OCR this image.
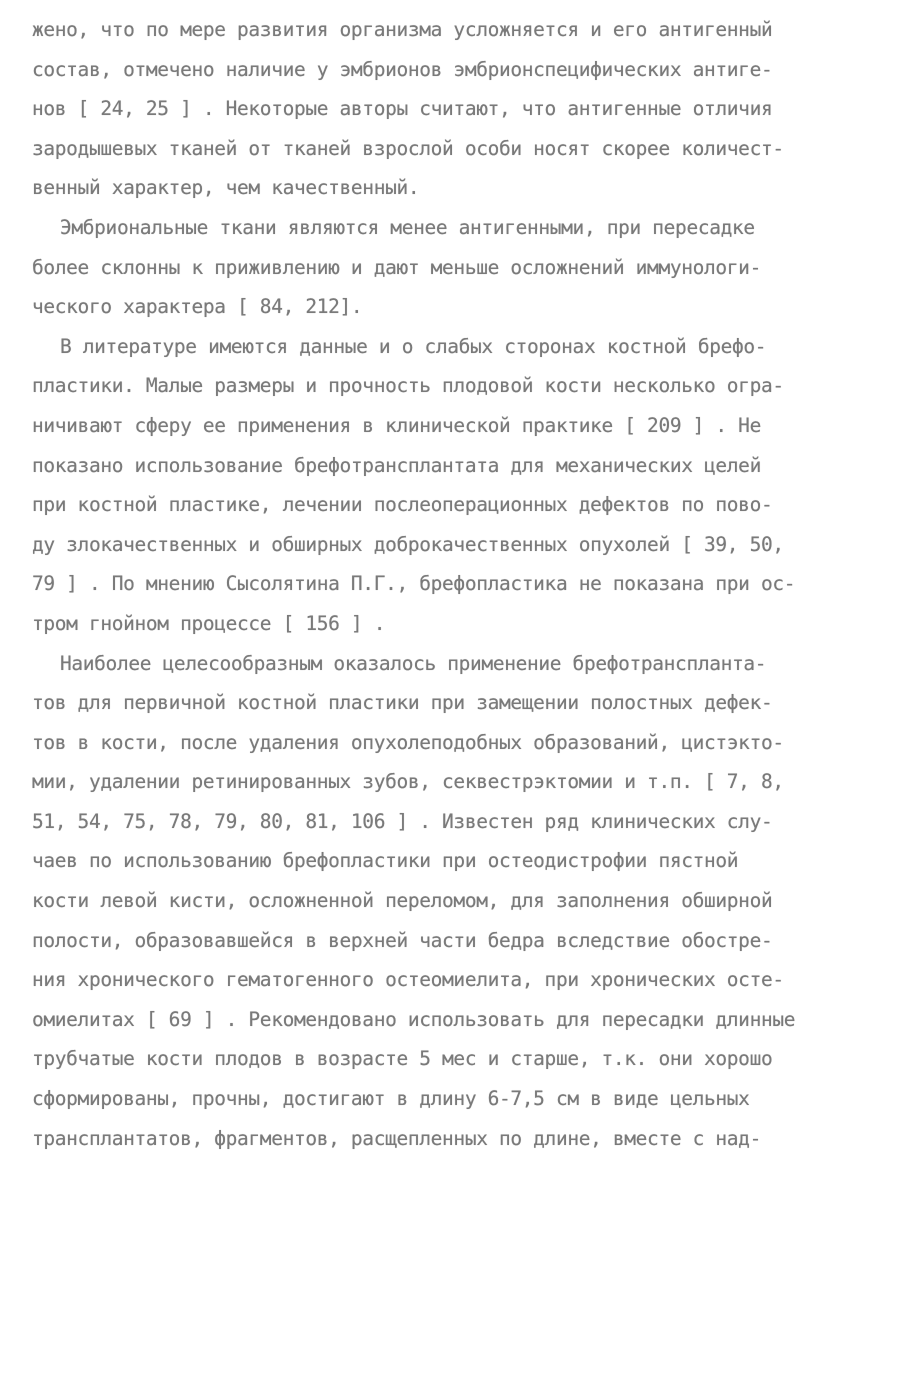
жено, что по мере развития организма усложняется и его антигенный
состав, отмечено наличие у эмбрионов эмбрионспецифических антиге-
нов [ 24, 25 ] . Некоторые авторы считают, что антигенные отличия
зародышевых тканей от тканей взрослой особи носят скорее количест-
венный характер, чем качественный.
Эмбриональные ткани являются менее антигенными, при пересадке
более склонны к приживлению и дают меньше осложнений иммунологи-
ческого характера [ 84, 212].
В литературе имеются данные и о слабых сторонах костной брефо-
пластики. Малые размеры и прочность плодовой кости несколько огра-
ничивают сферу ее применения в клинической практике [ 209 ] . Не
показано использование брефотрансплантата для механических целей
при костной пластике, лечении послеоперационных дефектов по пово-
ду злокачественных и обширных доброкачественных опухолей [ 39, 50,
79 ] . По мнению Сысолятина П.Г., брефопластика не показана при ос-
тром гнойном процессе [ 156 ] .
Наиболее целесообразным оказалось применение брефотранспланта-
тов для первичной костной пластики при замещении полостных дефек-
тов в кости, после удаления опухолеподобных образований, цистэкто-
мии, удалении ретинированных зубов, секвестрэктомии и т.п. [ 7, 8,
51, 54, 75, 78, 79, 80, 81, 106 ] . Известен ряд клинических слу-
чаев по использованию брефопластики при остеодистрофии пястной
кости левой кисти, осложненной переломом, для заполнения обширной
полости, образовавшейся в верхней части бедра вследствие обостре-
ния хронического гематогенного остеомиелита, при хронических осте-
омиелитах [ 69 ] . Рекомендовано использовать для пересадки длинные
трубчатые кости плодов в возрасте 5 мес и старше, т.к. они хорошо
сформированы, прочны, достигают в длину 6-7,5 см в виде цельных
трансплантатов, фрагментов, расщепленных по длине, вместе с над-
